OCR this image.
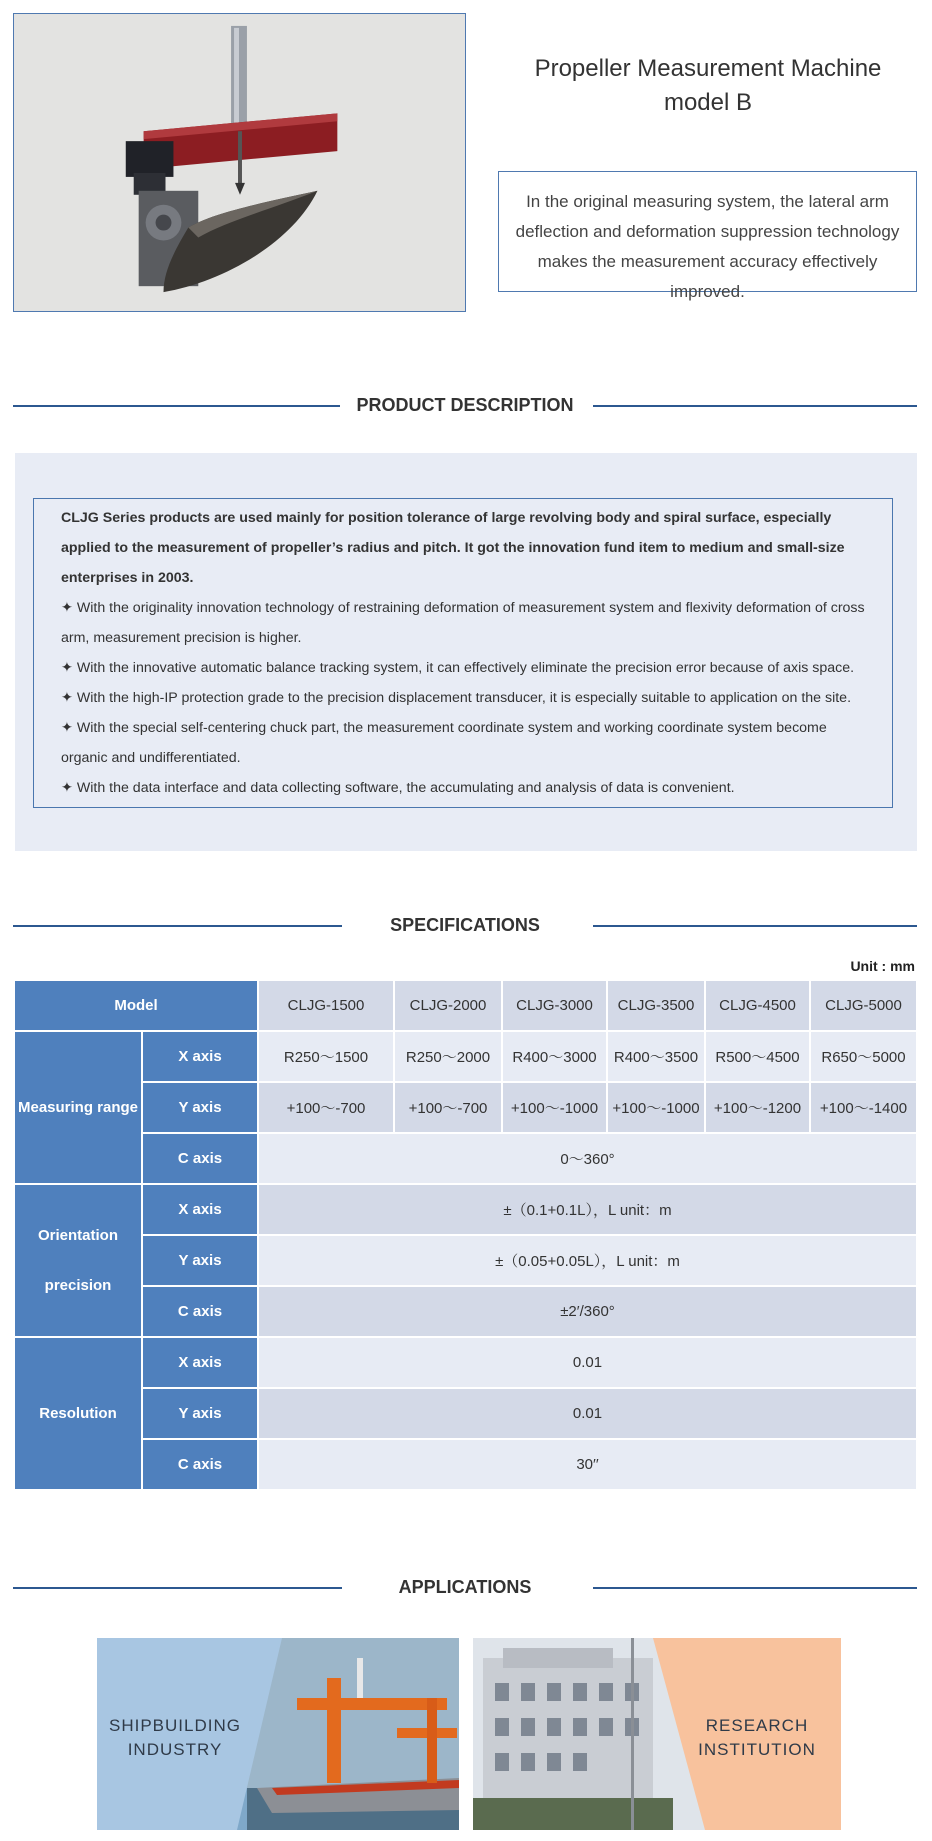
Propeller Measurement Machine model B
In the original measuring system, the lateral arm deflection and deformation suppression technology makes the measurement accuracy effectively improved.
PRODUCT DESCRIPTION
CLJG Series products are used mainly for position tolerance of large revolving body and spiral surface, especially applied to the measurement of propeller’s radius and pitch. It got the innovation fund item to medium and small-size enterprises in 2003.
✦ With the originality innovation technology of restraining deformation of measurement system and flexivity deformation of cross arm, measurement precision is higher.
✦ With the innovative automatic balance tracking system, it can effectively eliminate the precision error because of axis space.
✦ With the high-IP protection grade to the precision displacement transducer, it is especially suitable to application on the site.
✦ With the special self-centering chuck part, the measurement coordinate system and working coordinate system become organic and undifferentiated.
✦ With the data interface and data collecting software, the accumulating and analysis of data is convenient.
SPECIFICATIONS
Unit : mm
Model		CLJG-1500	CLJG-2000	CLJG-3000	CLJG-3500	CLJG-4500	CLJG-5000
Measuring range	X axis	R250～1500	R250～2000	R400～3000	R400～3500	R500～4500	R650～5000
	Y axis	+100～-700	+100～-700	+100～-1000	+100～-1000	+100～-1200	+100～-1400
	C axis	0～360°					
Orientation
precision	X axis	±（0.1+0.1L），L unit：m					
	Y axis	±（0.05+0.05L），L unit：m					
	C axis	±2′/360°					
Resolution	X axis	0.01					
	Y axis	0.01					
	C axis	30′′					
APPLICATIONS
SHIPBUILDING
INDUSTRY
RESEARCH
INSTITUTION
